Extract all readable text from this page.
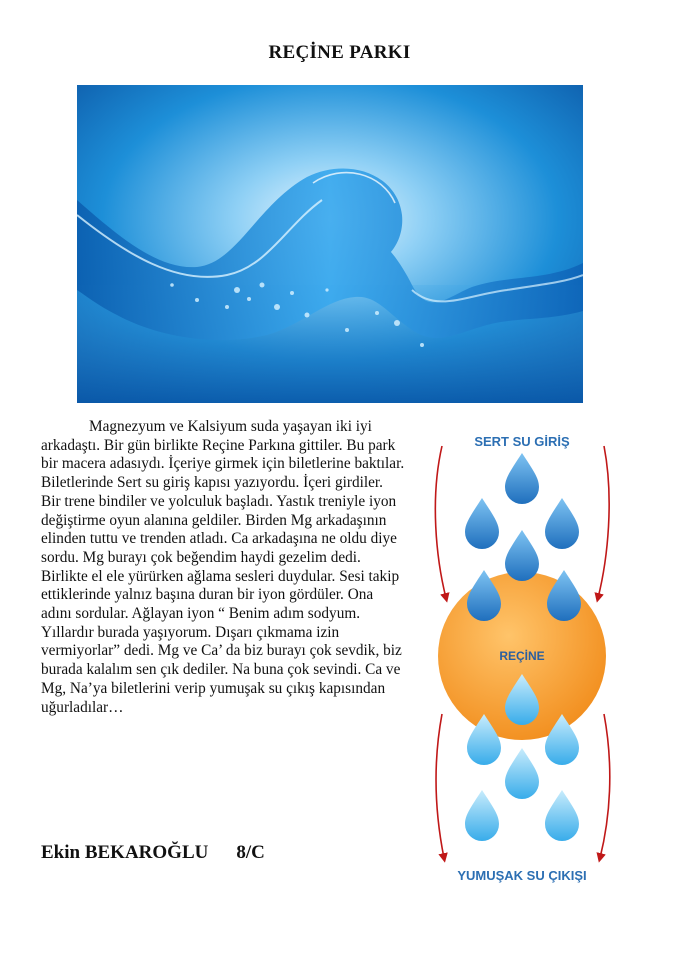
REÇİNE PARKI

Magnezyum ve Kalsiyum suda yaşayan iki iyi arkadaştı. Bir gün birlikte Reçine Parkına gittiler. Bu park bir macera adasıydı. İçeriye girmek için biletlerine baktılar. Biletlerinde Sert su giriş kapısı yazıyordu. İçeri girdiler. Bir trene bindiler ve yolculuk başladı. Yastık treniyle iyon değiştirme oyun alanına geldiler. Birden Mg arkadaşının elinden tuttu ve trenden atladı. Ca arkadaşına ne oldu diye sordu. Mg burayı çok beğendim haydi gezelim dedi. Birlikte el ele yürürken ağlama sesleri duydular. Sesi takip ettiklerinde yalnız başına duran bir iyon gördüler. Ona adını sordular. Ağlayan iyon “ Benim adım sodyum. Yıllardır burada yaşıyorum. Dışarı çıkmama izin vermiyorlar” dedi. Mg ve Ca’ da biz burayı çok sevdik, biz burada kalalım sen çık dediler. Na buna çok sevindi. Ca ve Mg, Na’ya biletlerini verip yumuşak su çıkış kapısından uğurladılar…

Ekin BEKAROĞLU 8/C
SERT SU GİRİŞ
REÇİNE
YUMUŞAK SU ÇIKIŞI
